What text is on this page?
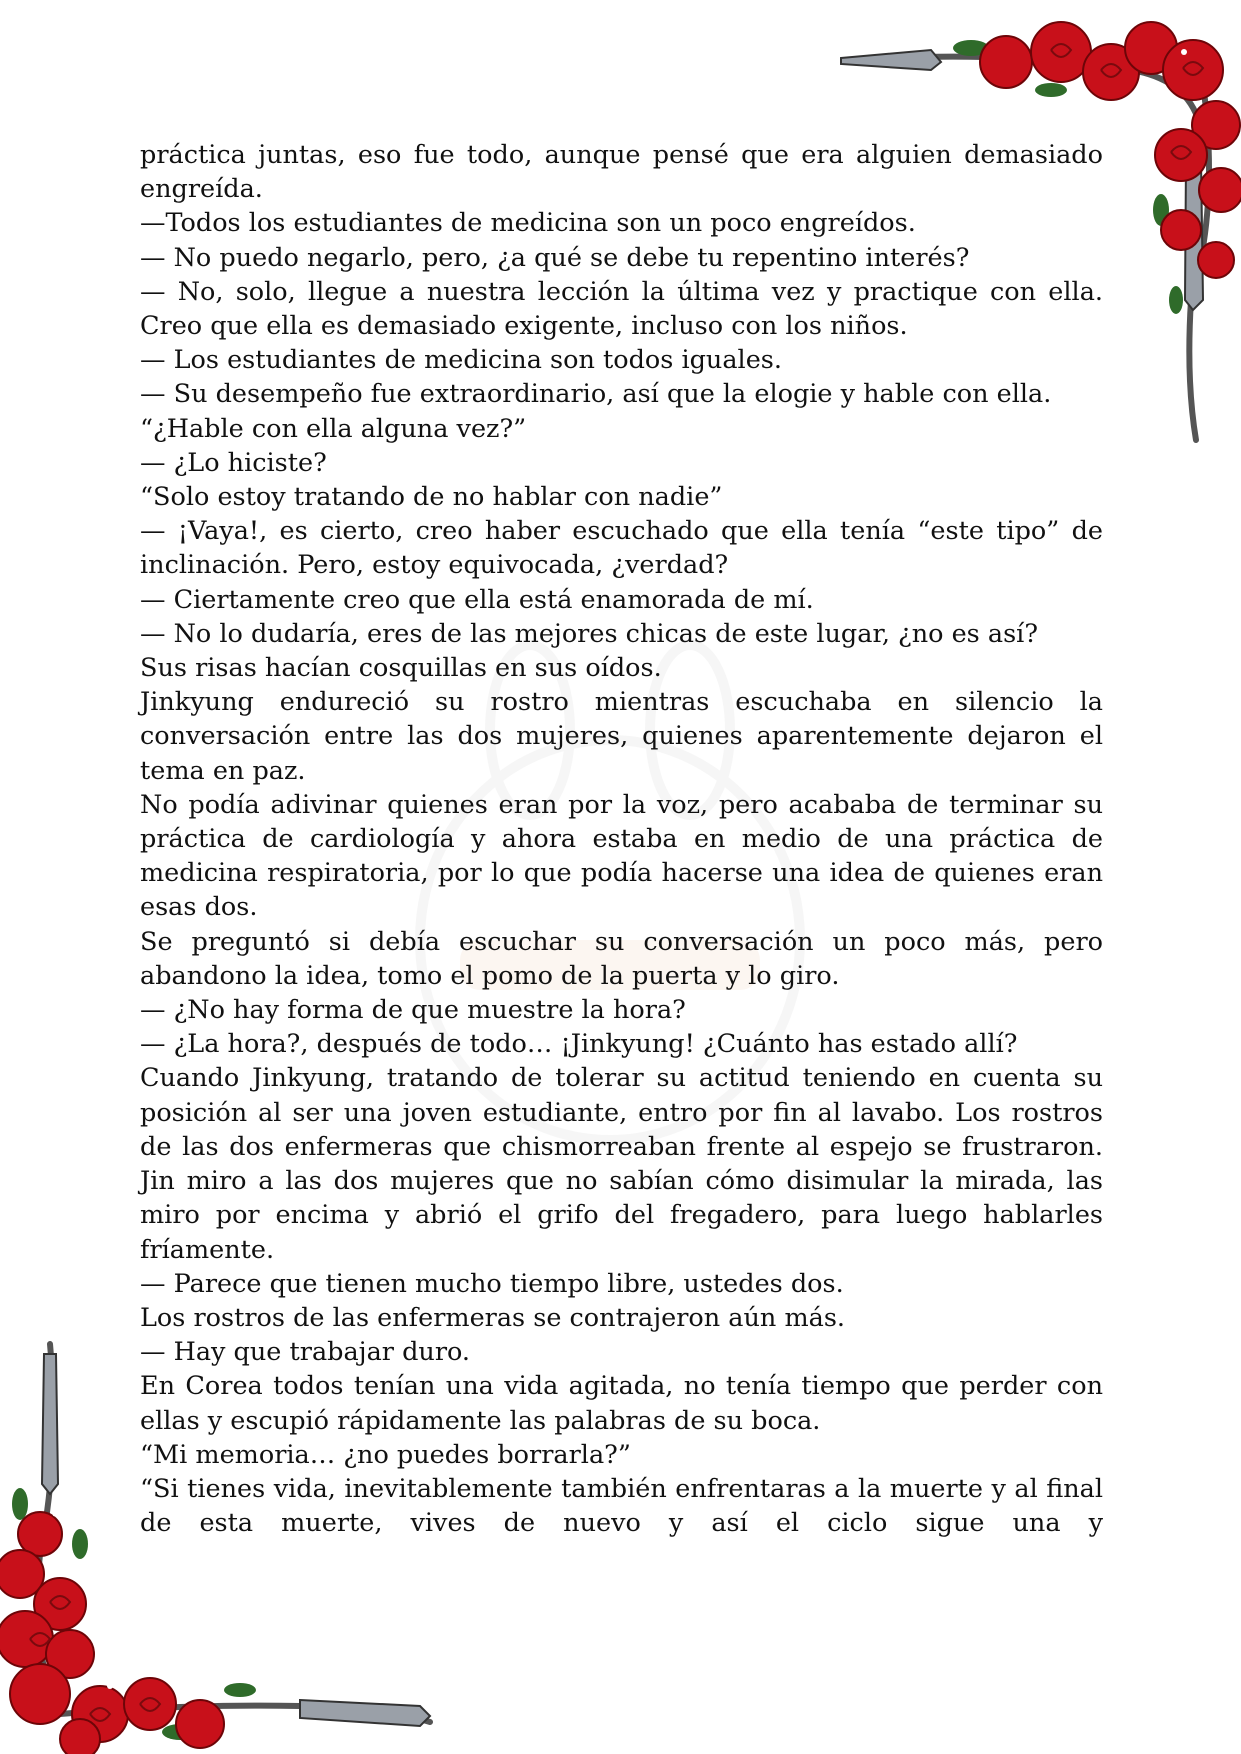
práctica juntas, eso fue todo, aunque pensé que era alguien demasiado engreída.

—Todos los estudiantes de medicina son un poco engreídos.

— No puedo negarlo, pero, ¿a qué se debe tu repentino interés?

— No, solo, llegue a nuestra lección la última vez y practique con ella. Creo que ella es demasiado exigente, incluso con los niños.

— Los estudiantes de medicina son todos iguales.

— Su desempeño fue extraordinario, así que la elogie y hable con ella.

“¿Hable con ella alguna vez?”

— ¿Lo hiciste?

“Solo estoy tratando de no hablar con nadie”

— ¡Vaya!, es cierto, creo haber escuchado que ella tenía “este tipo” de inclinación. Pero, estoy equivocada, ¿verdad?

— Ciertamente creo que ella está enamorada de mí.

— No lo dudaría, eres de las mejores chicas de este lugar, ¿no es así?

Sus risas hacían cosquillas en sus oídos.

Jinkyung endureció su rostro mientras escuchaba en silencio la conversación entre las dos mujeres, quienes aparentemente dejaron el tema en paz.

No podía adivinar quienes eran por la voz, pero acababa de terminar su práctica de cardiología y ahora estaba en medio de una práctica de medicina respiratoria, por lo que podía hacerse una idea de quienes eran esas dos.

Se preguntó si debía escuchar su conversación un poco más, pero abandono la idea, tomo el pomo de la puerta y lo giro.

— ¿No hay forma de que muestre la hora?

— ¿La hora?, después de todo… ¡Jinkyung! ¿Cuánto has estado allí?

Cuando Jinkyung, tratando de tolerar su actitud teniendo en cuenta su posición al ser una joven estudiante, entro por fin al lavabo. Los rostros de las dos enfermeras que chismorreaban frente al espejo se frustraron. Jin miro a las dos mujeres que no sabían cómo disimular la mirada, las miro por encima y abrió el grifo del fregadero, para luego hablarles fríamente.

— Parece que tienen mucho tiempo libre, ustedes dos.

Los rostros de las enfermeras se contrajeron aún más.

— Hay que trabajar duro.

En Corea todos tenían una vida agitada, no tenía tiempo que perder con ellas y escupió rápidamente las palabras de su boca.

“Mi memoria… ¿no puedes borrarla?”

“Si tienes vida, inevitablemente también enfrentaras a la muerte y al final de esta muerte, vives de nuevo y así el ciclo sigue una y
